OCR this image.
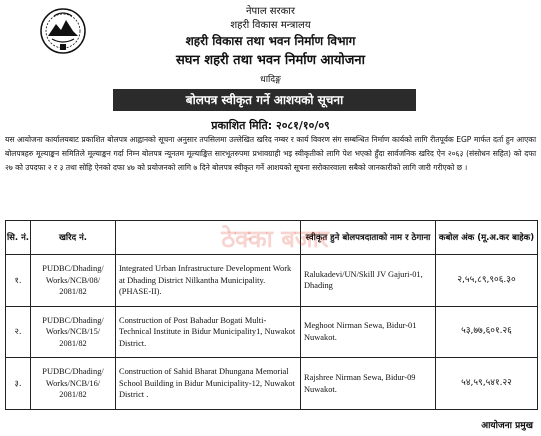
नेपाल सरकार
शहरी विकास मन्त्रालय
शहरी विकास तथा भवन निर्माण विभाग
सघन शहरी तथा भवन निर्माण आयोजना
धादिङ्ग
बोलपत्र स्वीकृत गर्ने आशयको सूचना
प्रकाशित मिति: २०८१/१०/०९

यस आयोजना कार्यालयबाट प्रकाशित बोलपत्र आह्वानको सूचना अनुसार तपसिलमा उल्लेखित खरिद नम्बर र कार्य विवरण संग सम्बन्धित निर्माण कार्यको लागि रीतपूर्वक EGP मार्फत दर्ता हुन आएका बोलपत्रहरु मूल्याङ्कन समितिले मूल्याङ्कन गर्दा निम्न बोलपत्र न्यूनतम मूल्याङ्कित सारभूतरुपमा प्रभावग्राही भइ स्वीकृतीको लागि पेश भएको हुँदा सार्वजनिक खरिद ऐन २०६३ (संसोधन सहित) को दफा २७ को उपदफा २ र ३ तथा सोहि ऐनको दफा ४७ को प्रयोजनको लागि ७ दिने बोलपत्र स्वीकृत गर्ने आशयको सूचना सरोकारवाला सबैको जानकारीको लागि जारी गरीएको छ ।

सि. नं.	खरिद नं.	योजनाको नाम	स्वीकृत हुने बोलपत्रदाताको नाम र ठेगाना	कबोल अंक (मू.अ.कर बाहेक)
१.	PUDBC/Dhading/ Works/NCB/08/ 2081/82	Integrated Urban Infrastructure Development Work at Dhading District Nilkantha Municipality. (PHASE-II).	Ralukadevi/UN/Skill JV Gajuri-01, Dhading	२,५५,८९,९०६.३०
२.	PUDBC/Dhading/ Works/NCB/15/ 2081/82	Construction of Post Bahadur Bogati Multi-Technical Institute in Bidur Municipality1, Nuwakot District.	Meghoot Nirman Sewa, Bidur-01 Nuwakot.	५३,७७,६०१.२६
३.	PUDBC/Dhading/ Works/NCB/16/ 2081/82	Construction of Sahid Bharat Dhungana Memorial School Building in Bidur Municipality-12, Nuwakot District .	Rajshree Nirman Sewa, Bidur-09 Nuwakot.	५४,५९,५४१.२२
ठेक्का बजार
आयोजना प्रमुख
